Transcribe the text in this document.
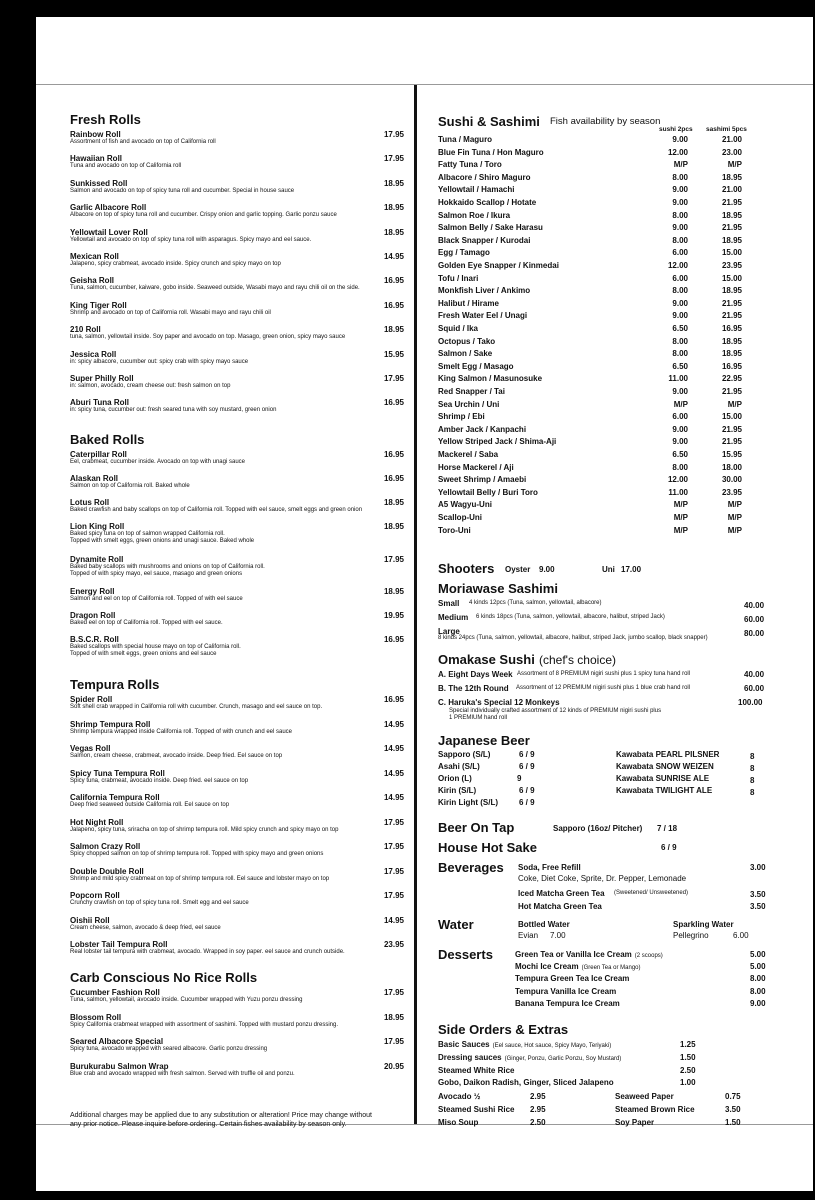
Fresh Rolls
Rainbow Roll	17.95
Assortment of fish and avocado on top of California roll
Hawaiian Roll	17.95
Tuna and avocado on top of California roll
Sunkissed Roll	18.95
Salmon and avocado on top of spicy tuna roll and cucumber. Special in house sauce
Garlic Albacore Roll	18.95
Albacore on top of spicy tuna roll and cucumber. Crispy onion and garlic topping. Garlic ponzu sauce
Yellowtail Lover Roll	18.95
Yellowtail and avocado on top of spicy tuna roll with asparagus. Spicy mayo and eel sauce.
Mexican Roll	14.95
Jalapeno, spicy crabmeat, avocado inside. Spicy crunch and spicy mayo on top
Geisha Roll	16.95
Tuna, salmon, cucumber, kaiware, gobo inside. Seaweed outside, Wasabi mayo and rayu chili oil on the side.
King Tiger Roll	16.95
Shrimp and avocado on top of California roll. Wasabi mayo and rayu chili oil
210 Roll	18.95
tuna, salmon, yellowtail inside. Soy paper and avocado on top. Masago, green onion, spicy mayo sauce
Jessica Roll	15.95
in: spicy albacore, cucumber out: spicy crab with spicy mayo sauce
Super Philly Roll	17.95
in: salmon, avocado, cream cheese out: fresh salmon on top
Aburi Tuna Roll	16.95
in: spicy tuna, cucumber out: fresh seared tuna with soy mustard, green onion
Baked Rolls
Caterpillar Roll	16.95
Eel, crabmeat, cucumber inside. Avocado on top with unagi sauce
Alaskan Roll	16.95
Salmon on top of California roll. Baked whole
Lotus Roll	18.95
Baked crawfish and baby scallops on top of California roll. Topped with eel sauce, smelt eggs and green onion
Lion King Roll	18.95
Baked spicy tuna on top of salmon wrapped California roll.
Topped with smelt eggs, green onions and unagi sauce. Baked whole
Dynamite Roll	17.95
Baked baby scallops with mushrooms and onions on top of California roll.
Topped of with spicy mayo, eel sauce, masago and green onions
Energy Roll	18.95
Salmon and eel on top of California roll. Topped of with eel sauce
Dragon Roll	19.95
Baked eel on top of California roll. Topped with eel sauce.
B.S.C.R. Roll	16.95
Baked scallops with special house mayo on top of California roll.
Topped of with smelt eggs, green onions and eel sauce
Tempura Rolls
Spider Roll	16.95
Soft shell crab wrapped in California roll with cucumber. Crunch, masago and eel sauce on top.
Shrimp Tempura Roll	14.95
Shrimp tempura wrapped inside California roll. Topped of with crunch and eel sauce
Vegas Roll	14.95
Salmon, cream cheese, crabmeat, avocado inside. Deep fried. Eel sauce on top
Spicy Tuna Tempura Roll	14.95
Spicy tuna, crabmeat, avocado inside. Deep fried. eel sauce on top
California Tempura Roll	14.95
Deep fried seaweed outside California roll. Eel sauce on top
Hot Night Roll	17.95
Jalapeno, spicy tuna, sriracha on top of shrimp tempura roll. Mild spicy crunch and spicy mayo on top
Salmon Crazy Roll	17.95
Spicy chopped salmon on top of shrimp tempura roll. Topped with spicy mayo and green onions
Double Double Roll	17.95
Shrimp and mild spicy crabmeat on top of shrimp tempura roll. Eel sauce and lobster mayo on top
Popcorn Roll	17.95
Crunchy crawfish on top of spicy tuna roll. Smelt egg and eel sauce
Oishii Roll	14.95
Cream cheese, salmon, avocado & deep fried, eel sauce
Lobster Tail Tempura Roll	23.95
Real lobster tail tempura with crabmeat, avocado. Wrapped in soy paper. eel sauce and crunch outside.
Carb Conscious No Rice Rolls
Cucumber Fashion Roll	17.95
Tuna, salmon, yellowtail, avocado inside. Cucumber wrapped with Yuzu ponzu dressing
Blossom Roll	18.95
Spicy California crabmeat wrapped with assortment of sashimi. Topped with mustard ponzu dressing.
Seared Albacore Special	17.95
Spicy tuna, avocado wrapped with seared albacore. Garlic ponzu dressing
Burukurabu Salmon Wrap	20.95
Blue crab and avocado wrapped with fresh salmon. Served with truffle oil and ponzu.
Additional charges may be applied due to any substitution or alteration! Price may change without
any prior notice. Please inquire before ordering. Certain fishes availability by season only.
Sushi & Sashimi Fish availability by season
sushi 2pcs sashimi 5pcs
Tuna / Maguro	9.00	21.00
Blue Fin Tuna / Hon Maguro	12.00	23.00
Fatty Tuna / Toro	M/P	M/P
Albacore / Shiro Maguro	8.00	18.95
Yellowtail / Hamachi	9.00	21.00
Hokkaido Scallop / Hotate	9.00	21.95
Salmon Roe / Ikura	8.00	18.95
Salmon Belly / Sake Harasu	9.00	21.95
Black Snapper / Kurodai	8.00	18.95
Egg / Tamago	6.00	15.00
Golden Eye Snapper / Kinmedai	12.00	23.95
Tofu / Inari	6.00	15.00
Monkfish Liver / Ankimo	8.00	18.95
Halibut / Hirame	9.00	21.95
Fresh Water Eel / Unagi	9.00	21.95
Squid / Ika	6.50	16.95
Octopus / Tako	8.00	18.95
Salmon / Sake	8.00	18.95
Smelt Egg / Masago	6.50	16.95
King Salmon / Masunosuke	11.00	22.95
Red Snapper / Tai	9.00	21.95
Sea Urchin / Uni	M/P	M/P
Shrimp / Ebi	6.00	15.00
Amber Jack / Kanpachi	9.00	21.95
Yellow Striped Jack / Shima-Aji	9.00	21.95
Mackerel / Saba	6.50	15.95
Horse Mackerel / Aji	8.00	18.00
Sweet Shrimp / Amaebi	12.00	30.00
Yellowtail Belly / Buri Toro	11.00	23.95
A5 Wagyu-Uni	M/P	M/P
Scallop-Uni	M/P	M/P
Toro-Uni	M/P	M/P
Shooters Oyster 9.00	Uni 17.00
Moriawase Sashimi
Small 4 kinds 12pcs (Tuna, salmon, yellowtail, albacore)	40.00
Medium 6 kinds 18pcs (Tuna, salmon, yellowtail, albacore, halibut, striped Jack)	60.00
Large
8 kinds 24pcs (Tuna, salmon, yellowtail, albacore, halibut, striped Jack, jumbo scallop, black snapper)	80.00
Omakase Sushi (chef's choice)
A. Eight Days Week Assortment of 8 PREMIUM nigiri sushi plus 1 spicy tuna hand roll	40.00
B. The 12th Round Assortment of 12 PREMIUM nigiri sushi plus 1 blue crab hand roll	60.00
C. Haruka's Special 12 Monkeys	100.00
Special individually crafted assortment of 12 kinds of PREMIUM nigiri sushi plus
1 PREMIUM hand roll
Japanese Beer
Sapporo (S/L)	6 / 9
Asahi (S/L)	6 / 9
Orion (L)	9
Kirin (S/L)	6 / 9
Kirin Light (S/L)	6 / 9
Kawabata PEARL PILSNER	8
Kawabata SNOW WEIZEN	8
Kawabata SUNRISE ALE	8
Kawabata TWILIGHT ALE	8
Beer On Tap	Sapporo (16oz/ Pitcher) 7 / 18
House Hot Sake	6 / 9
Beverages Soda, Free Refill	3.00
Coke, Diet Coke, Sprite, Dr. Pepper, Lemonade
Iced Matcha Green Tea (Sweetened/ Unsweetened)	3.50
Hot Matcha Green Tea	3.50
Water	Bottled Water
Evian 7.00
Sparkling Water
Pellegrino	6.00
Desserts	Green Tea or Vanilla Ice Cream (2 scoops)	5.00
Mochi Ice Cream (Green Tea or Mango)	5.00
Tempura Green Tea Ice Cream	8.00
Tempura Vanilla Ice Cream	8.00
Banana Tempura Ice Cream	9.00
Side Orders & Extras
Basic Sauces (Eel sauce, Hot sauce, Spicy Mayo, Teriyaki)	1.25
Dressing sauces (Ginger, Ponzu, Garlic Ponzu, Soy Mustard)	1.50
Steamed White Rice	2.50
Gobo, Daikon Radish, Ginger, Sliced Jalapeno	1.00
Avocado ½	2.95	Seaweed Paper	0.75
Steamed Sushi Rice 2.95	Steamed Brown Rice	3.50
Miso Soup	2.50	Soy Paper	1.50
